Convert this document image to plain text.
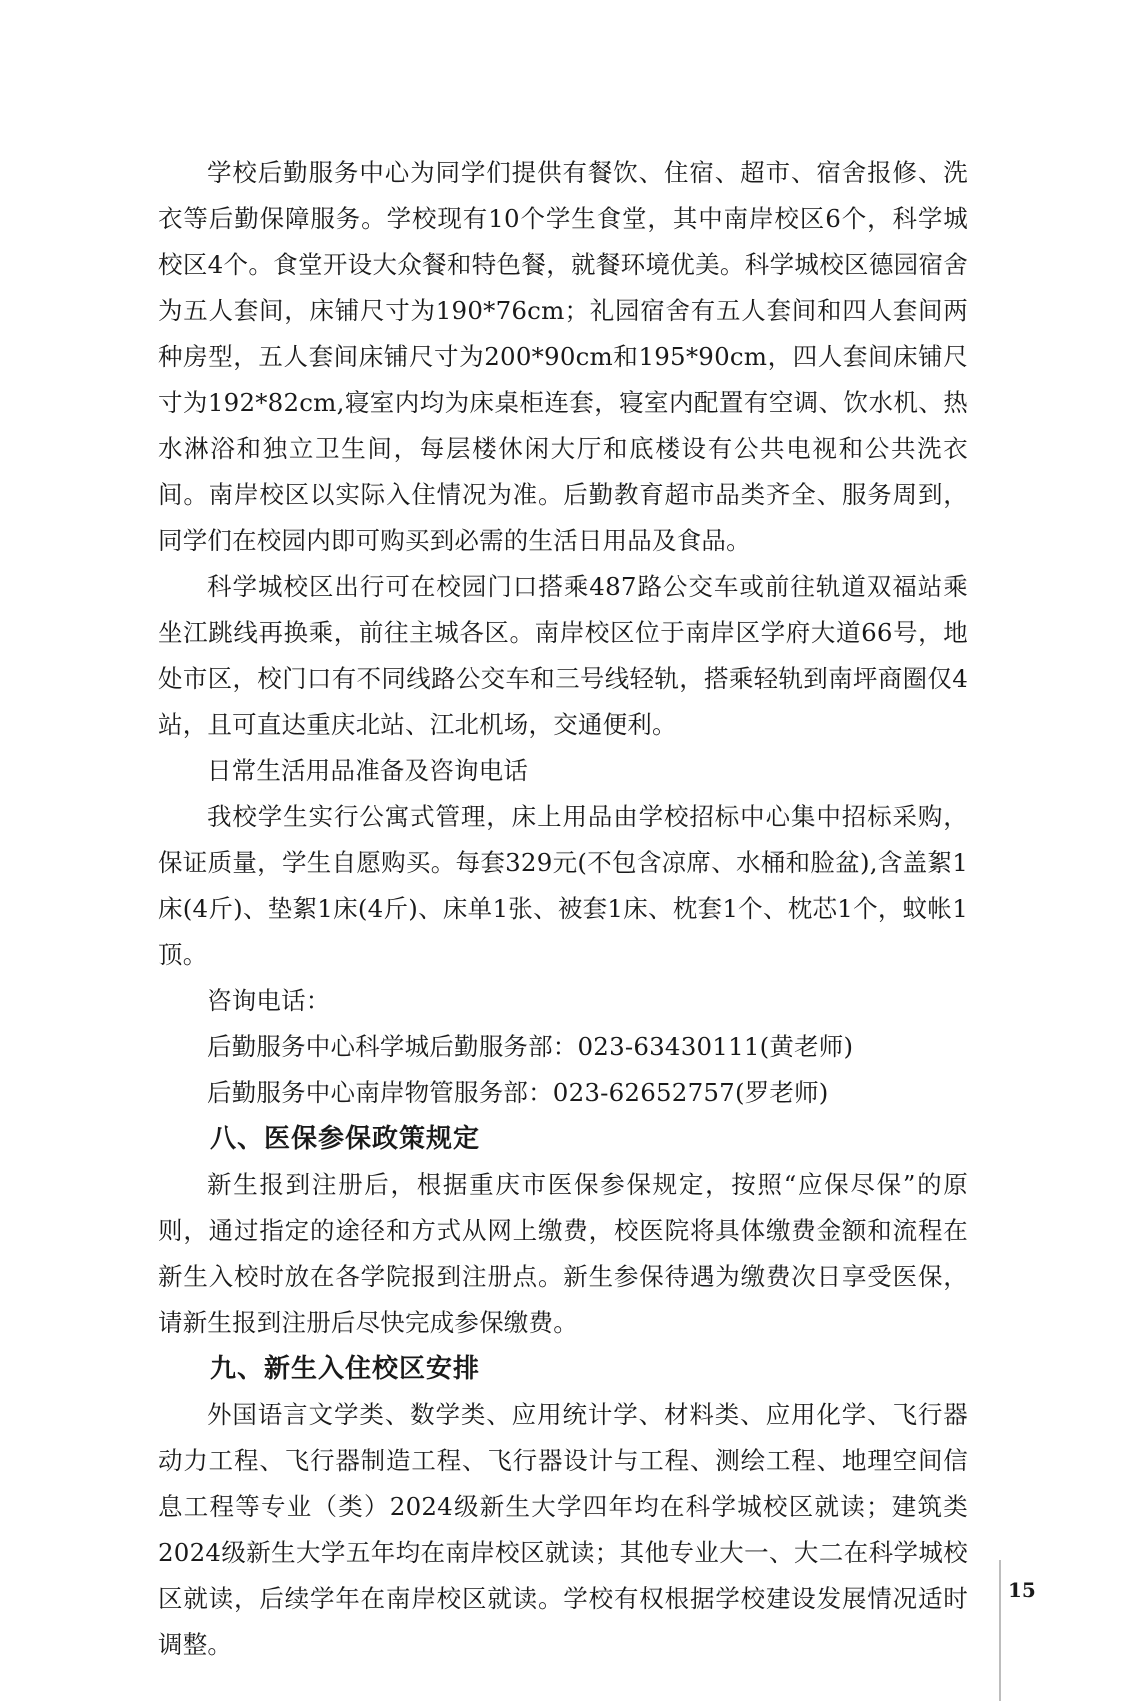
学校后勤服务中心为同学们提供有餐饮、住宿、超市、宿舍报修、洗衣等后勤保障服务。学校现有10个学生食堂，其中南岸校区6个，科学城校区4个。食堂开设大众餐和特色餐，就餐环境优美。科学城校区德园宿舍为五人套间，床铺尺寸为190*76cm；礼园宿舍有五人套间和四人套间两种房型，五人套间床铺尺寸为200*90cm和195*90cm，四人套间床铺尺寸为192*82cm,寝室内均为床桌柜连套，寝室内配置有空调、饮水机、热水淋浴和独立卫生间，每层楼休闲大厅和底楼设有公共电视和公共洗衣间。南岸校区以实际入住情况为准。后勤教育超市品类齐全、服务周到，同学们在校园内即可购买到必需的生活日用品及食品。

科学城校区出行可在校园门口搭乘487路公交车或前往轨道双福站乘坐江跳线再换乘，前往主城各区。南岸校区位于南岸区学府大道66号，地处市区，校门口有不同线路公交车和三号线轻轨，搭乘轻轨到南坪商圈仅4站，且可直达重庆北站、江北机场，交通便利。

日常生活用品准备及咨询电话

我校学生实行公寓式管理，床上用品由学校招标中心集中招标采购，保证质量，学生自愿购买。每套329元(不包含凉席、水桶和脸盆),含盖絮1床(4斤)、垫絮1床(4斤)、床单1张、被套1床、枕套1个、枕芯1个，蚊帐1顶。

咨询电话：

后勤服务中心科学城后勤服务部：023-63430111(黄老师)

后勤服务中心南岸物管服务部：023-62652757(罗老师)

八、医保参保政策规定

新生报到注册后，根据重庆市医保参保规定，按照“应保尽保”的原则，通过指定的途径和方式从网上缴费，校医院将具体缴费金额和流程在新生入校时放在各学院报到注册点。新生参保待遇为缴费次日享受医保，请新生报到注册后尽快完成参保缴费。

九、新生入住校区安排

外国语言文学类、数学类、应用统计学、材料类、应用化学、飞行器动力工程、飞行器制造工程、飞行器设计与工程、测绘工程、地理空间信息工程等专业（类）2024级新生大学四年均在科学城校区就读；建筑类2024级新生大学五年均在南岸校区就读；其他专业大一、大二在科学城校区就读，后续学年在南岸校区就读。学校有权根据学校建设发展情况适时调整。

15
